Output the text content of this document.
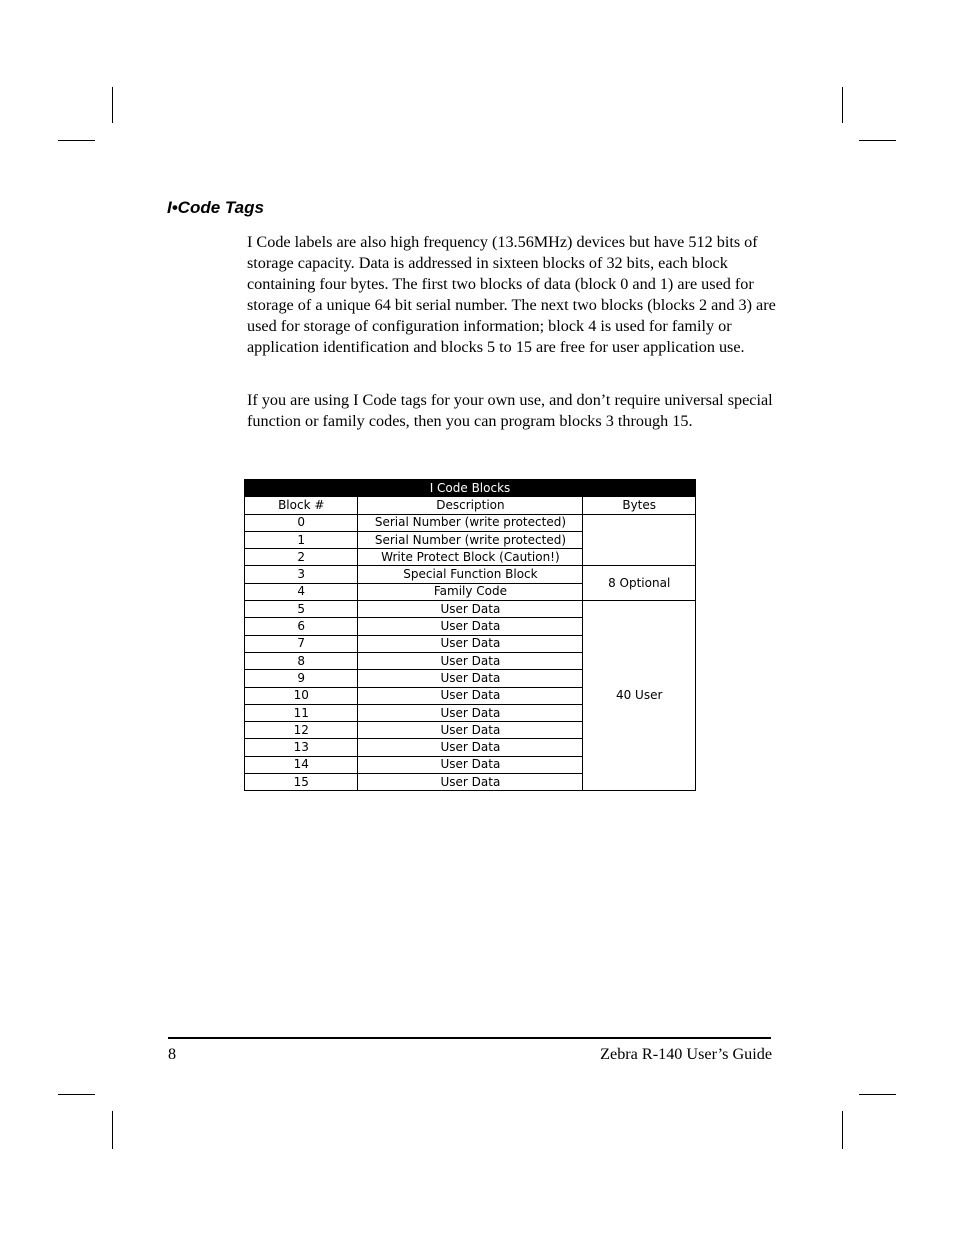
I•Code Tags

I Code labels are also high frequency (13.56MHz) devices but have 512 bits of storage capacity. Data is addressed in sixteen blocks of 32 bits, each block containing four bytes. The first two blocks of data (block 0 and 1) are used for storage of a unique 64 bit serial number. The next two blocks (blocks 2 and 3) are used for storage of configuration information; block 4 is used for family or application identification and blocks 5 to 15 are free for user application use.

If you are using I Code tags for your own use, and don’t require universal special function or family codes, then you can program blocks 3 through 15.

I Code Blocks		
Block #	Description	Bytes
0	Serial Number (write protected)	
1	Serial Number (write protected)	
2	Write Protect Block (Caution!)	
3	Special Function Block	8 Optional
4	Family Code	
5	User Data	40 User
6	User Data	
7	User Data	
8	User Data	
9	User Data	
10	User Data	
11	User Data	
12	User Data	
13	User Data	
14	User Data	
15	User Data	
8	Zebra R-140 User’s Guide
